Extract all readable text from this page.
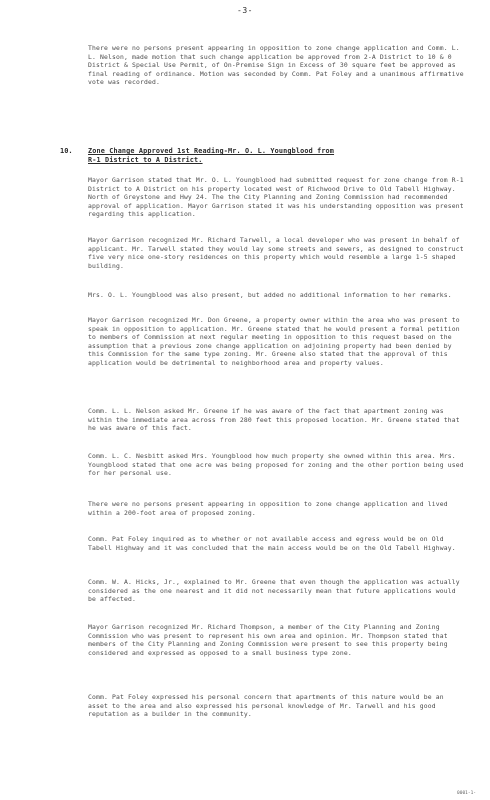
-3-
There were no persons present appearing in opposition to zone change application and Comm. L. L. Nelson, made motion that such change application be approved from 2-A District to 10 & 0 District & Special Use Permit, of On-Premise Sign in Excess of 30 square feet be approved as final reading of ordinance. Motion was seconded by Comm. Pat Foley and a unanimous affirmative vote was recorded.
10. Zone Change Approved 1st Reading-Mr. O. L. Youngblood from
R-1 District to A District.
Mayor Garrison stated that Mr. O. L. Youngblood had submitted request for zone change from R-1 District to A District on his property located west of Richwood Drive to Old Tabell Highway. North of Greystone and Hwy 24. The the City Planning and Zoning Commission had recommended approval of application. Mayor Garrison stated it was his understanding opposition was present regarding this application.
Mayor Garrison recognized Mr. Richard Tarwell, a local developer who was present in behalf of applicant. Mr. Tarwell stated they would lay some streets and sewers, as designed to construct five very nice one-story residences on this property which would resemble a large 1-5 shaped building.
Mrs. O. L. Youngblood was also present, but added no additional information to her remarks.
Mayor Garrison recognized Mr. Don Greene, a property owner within the area who was present to speak in opposition to application. Mr. Greene stated that he would present a formal petition to members of Commission at next regular meeting in opposition to this request based on the assumption that a previous zone change application on adjoining property had been denied by this Commission for the same type zoning. Mr. Greene also stated that the approval of this application would be detrimental to neighborhood area and property values.
Comm. L. L. Nelson asked Mr. Greene if he was aware of the fact that apartment zoning was within the immediate area across from 280 feet this proposed location. Mr. Greene stated that he was aware of this fact.
Comm. L. C. Nesbitt asked Mrs. Youngblood how much property she owned within this area. Mrs. Youngblood stated that one acre was being proposed for zoning and the other portion being used for her personal use.
There were no persons present appearing in opposition to zone change application and lived within a 200-foot area of proposed zoning.
Comm. Pat Foley inquired as to whether or not available access and egress would be on Old Tabell Highway and it was concluded that the main access would be on the Old Tabell Highway.
Comm. W. A. Hicks, Jr., explained to Mr. Greene that even though the application was actually considered as the one nearest and it did not necessarily mean that future applications would be affected.
Mayor Garrison recognized Mr. Richard Thompson, a member of the City Planning and Zoning Commission who was present to represent his own area and opinion. Mr. Thompson stated that members of the City Planning and Zoning Commission were present to see this property being considered and expressed as opposed to a small business type zone.
Comm. Pat Foley expressed his personal concern that apartments of this nature would be an asset to the area and also expressed his personal knowledge of Mr. Tarwell and his good reputation as a builder in the community.
0001-1-
